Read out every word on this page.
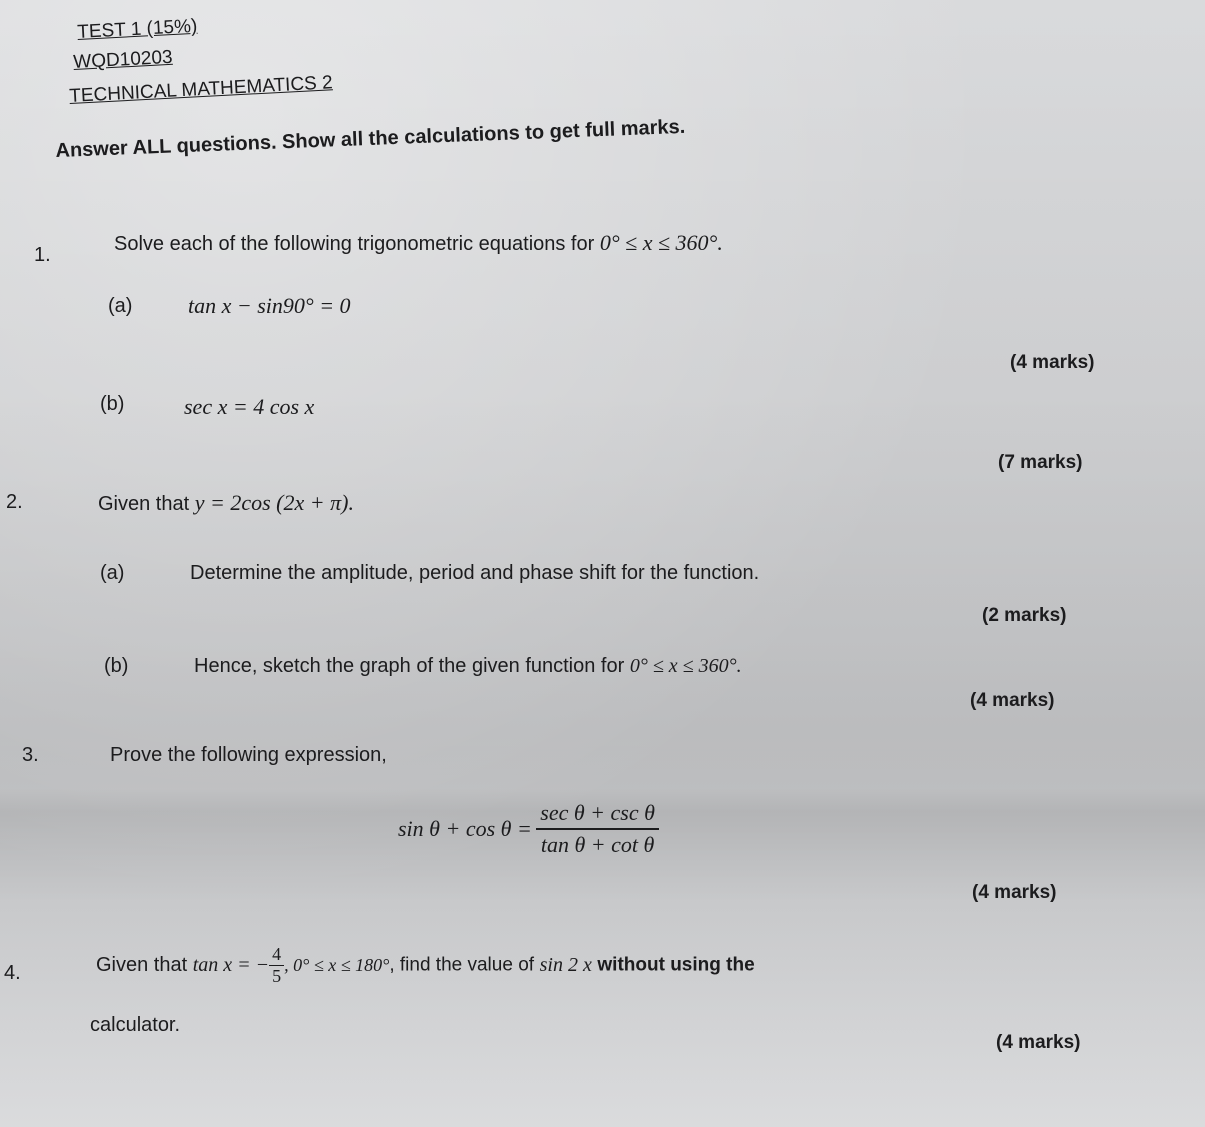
TEST 1 (15%)
WQD10203
TECHNICAL MATHEMATICS 2
Answer ALL questions. Show all the calculations to get full marks.
1.	Solve each of the following trigonometric equations for 0° ≤ x ≤ 360°.
(a)	tan x − sin90° = 0
(4 marks)
(b)	sec x = 4 cos x
(7 marks)
2.	Given that y = 2cos (2x + π).
(a)	Determine the amplitude, period and phase shift for the function.
(2 marks)
(b)	Hence, sketch the graph of the given function for 0° ≤ x ≤ 360°.
(4 marks)
3.	Prove the following expression,
$\sin \theta + \cos \theta = \frac{\text{sec θ + csc θ}}{\text{tan θ + cot θ}}$
(4 marks)
4.	Given that tan x = − $\frac{4}{5}$ , 0° ≤ x ≤ 180°, find the value of sin 2 x without using the
calculator.
(4 marks)
